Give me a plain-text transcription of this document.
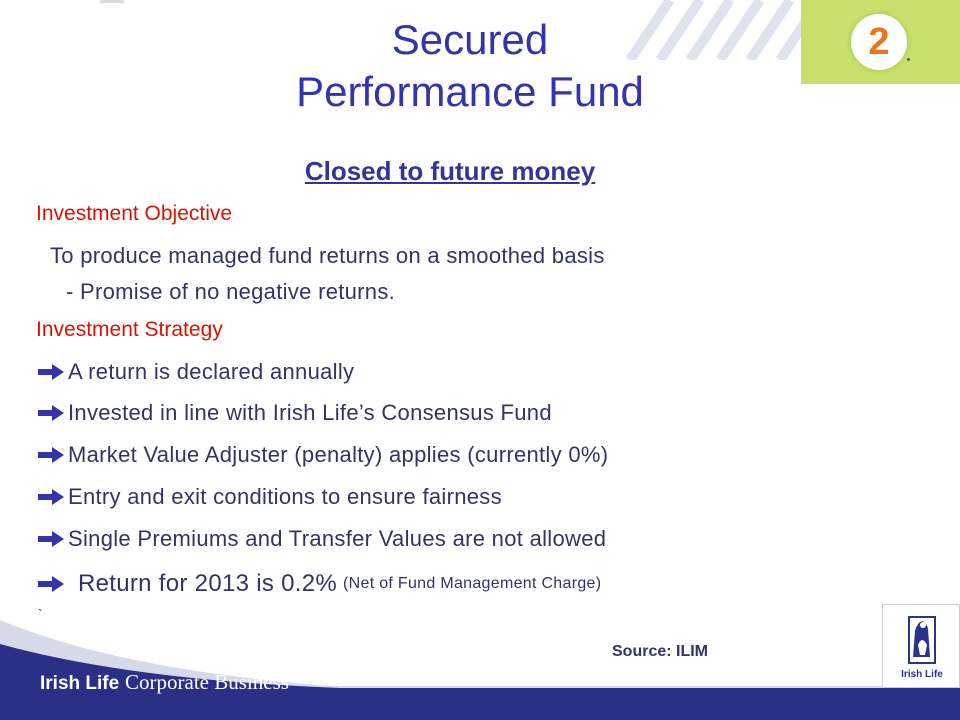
Secured
Performance Fund
2
Closed to future money
Investment Objective
To produce managed fund returns on a smoothed basis
- Promise of no negative returns.
Investment Strategy
A return is declared annually
Invested in line with Irish Life’s Consensus Fund
Market Value Adjuster (penalty) applies (currently 0%)
Entry and exit conditions to ensure fairness
Single Premiums and Transfer Values are not allowed
Return for 2013 is 0.2% (Net of Fund Management Charge)
`
Source: ILIM
Irish Life Corporate Business	Irish Life
